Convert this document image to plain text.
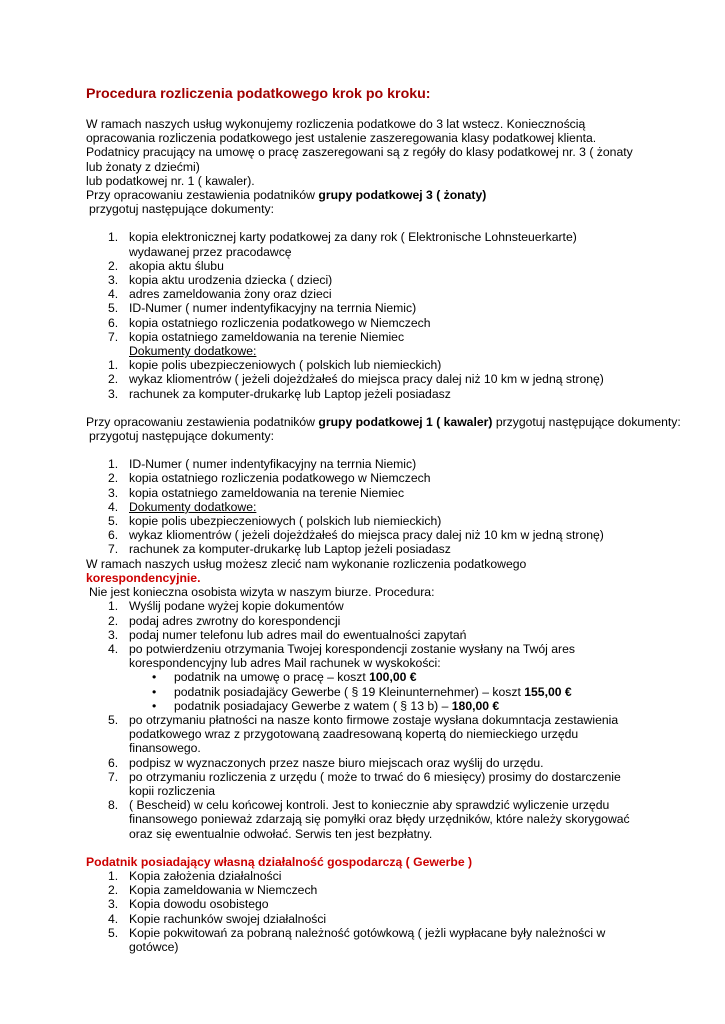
Procedura rozliczenia podatkowego krok po kroku:

W ramach naszych usług wykonujemy rozliczenia podatkowe do 3 lat wstecz. Koniecznością

opracowania rozliczenia podatkowego jest ustalenie zaszeregowania klasy podatkowej klienta.

Podatnicy pracujący na umowę o pracę zaszeregowani są z regóły do klasy podatkowej nr. 3 ( żonaty

lub żonaty z dziećmi)

lub podatkowej nr. 1 ( kawaler).

Przy opracowaniu zestawienia podatników grupy podatkowej 3 ( żonaty)

przygotuj następujące dokumenty:

1. kopia elektronicznej karty podatkowej za dany rok ( Elektronische Lohnsteuerkarte)
wydawanej przez pracodawcę
2. akopia aktu ślubu
3. kopia aktu urodzenia dziecka ( dzieci)
4. adres zameldowania żony oraz dzieci
5. ID-Numer ( numer indentyfikacyjny na terrnia Niemic)
6. kopia ostatniego rozliczenia podatkowego w Niemczech
7. kopia ostatniego zameldowania na terenie Niemiec
Dokumenty dodatkowe:
1. kopie polis ubezpieczeniowych ( polskich lub niemieckich)
2. wykaz kliomentrów ( jeżeli dojeżdżałeś do miejsca pracy dalej niż 10 km w jedną stronę)
3. rachunek za komputer-drukarkę lub Laptop jeżeli posiadasz

Przy opracowaniu zestawienia podatników grupy podatkowej 1 ( kawaler) przygotuj następujące dokumenty:

przygotuj następujące dokumenty:

1. ID-Numer ( numer indentyfikacyjny na terrnia Niemic)
2. kopia ostatniego rozliczenia podatkowego w Niemczech
3. kopia ostatniego zameldowania na terenie Niemiec
4. Dokumenty dodatkowe:
5. kopie polis ubezpieczeniowych ( polskich lub niemieckich)
6. wykaz kliomentrów ( jeżeli dojeżdżałeś do miejsca pracy dalej niż 10 km w jedną stronę)
7. rachunek za komputer-drukarkę lub Laptop jeżeli posiadasz

W ramach naszych usług możesz zlecić nam wykonanie rozliczenia podatkowego

korespondencyjnie.

Nie jest konieczna osobista wizyta w naszym biurze. Procedura:

1. Wyślij podane wyżej kopie dokumentów
2. podaj adres zwrotny do korespondencji
3. podaj numer telefonu lub adres mail do ewentualności zapytań
4. po potwierdzeniu otrzymania Twojej korespondencji zostanie wysłany na Twój ares
korespondencyjny lub adres Mail rachunek w wyskokości:
• podatnik na umowę o pracę – koszt 100,00 €
• podatnik posiadajäcy Gewerbe ( § 19 Kleinunternehmer) – koszt 155,00 €
• podatnik posiadajacy Gewerbe z watem ( § 13 b) – 180,00 €
5. po otrzymaniu płatności na nasze konto firmowe zostaje wysłana dokumntacja zestawienia
podatkowego wraz z przygotowaną zaadresowaną kopertą do niemieckiego urzędu
finansowego.
6. podpisz w wyznaczonych przez nasze biuro miejscach oraz wyślij do urzędu.
7. po otrzymaniu rozliczenia z urzędu ( może to trwać do 6 miesięcy) prosimy do dostarczenie
kopii rozliczenia
8. ( Bescheid) w celu końcowej kontroli. Jest to koniecznie aby sprawdzić wyliczenie urzędu
finansowego ponieważ zdarzają się pomyłki oraz błędy urzędników, które należy skorygować
oraz się ewentualnie odwołać. Serwis ten jest bezpłatny.

Podatnik posiadający własną działalność gospodarczą ( Gewerbe )

1. Kopia założenia działalności
2. Kopia zameldowania w Niemczech
3. Kopia dowodu osobistego
4. Kopie rachunków swojej działalności
5. Kopie pokwitowań za pobraną należność gotówkową ( jeżli wypłacane były należności w
gotówce)
